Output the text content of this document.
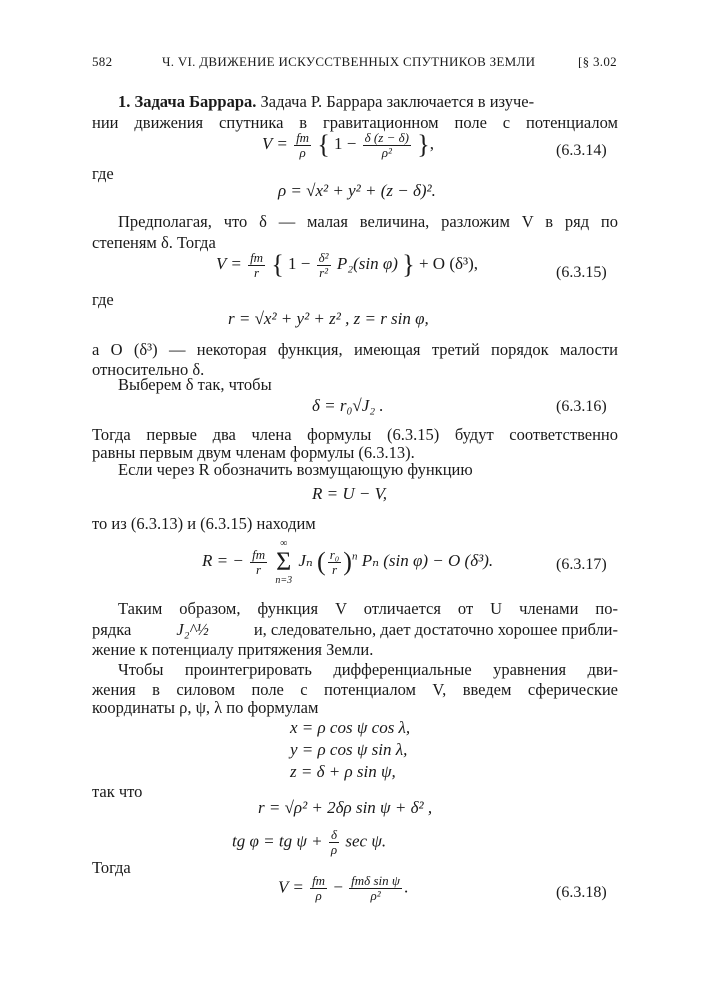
582	Ч. VI. ДВИЖЕНИЕ ИСКУССТВЕННЫХ СПУТНИКОВ ЗЕМЛИ	[§ 3.02
1. Задача Баррара. Задача Р. Баррара заключается в изуче-
нии движения спутника в гравитационном поле с потенциалом
$V = \frac{fm}{\rho}$ { $1 - \frac{\delta (z - \delta)}{\text{ρ²}}$ },	(6.3.14)
где
ρ = √x² + y² + (z − δ)².
Предполагая, что δ — малая величина, разложим V в ряд по
степеням δ. Тогда
$V = \frac{fm}{r}$ { $1 - \frac{\text{δ²}}{\text{r²}} P_2(\sin$ φ) } + O (δ³),	(6.3.15)
где
r = √x² + y² + z² , z = r sin φ,
а O (δ³) — некоторая функция, имеющая третий порядок малости
относительно δ.
Выберем δ так, чтобы
δ = r₀√J₂ .	(6.3.16)
Тогда первые два члена формулы (6.3.15) будут соответственно
равны первым двум членам формулы (6.3.13).
Если через R обозначить возмущающую функцию
R = U − V,
то из (6.3.13) и (6.3.15) находим
R = − $\frac{fm}{r}$

∞
Σ
n=3
Jₙ ( $\frac{\text{r₀}}{r} )^n$ Pₙ (sin φ) − O (δ³).	(6.3.17)
Таким образом, функция V отличается от U членами по-
рядка	J₂^½	и, следовательно, дает достаточно хорошее прибли-
жение к потенциалу притяжения Земли.
Чтобы проинтегрировать дифференциальные уравнения дви-
жения в силовом поле с потенциалом V, введем сферические
координаты ρ, ψ, λ по формулам
x = ρ cos ψ cos λ,
y = ρ cos ψ sin λ,
z = δ + ρ sin ψ,
так что
r = √ρ² + 2δρ sin ψ + δ² ,
tg φ = tg $\psi + \frac{\delta}{\rho}$ sec ψ.
Тогда
$V = \frac{fm}{\rho} - \frac{\text{fmδ sin ψ}}{\text{ρ²}}$ .	(6.3.18)
